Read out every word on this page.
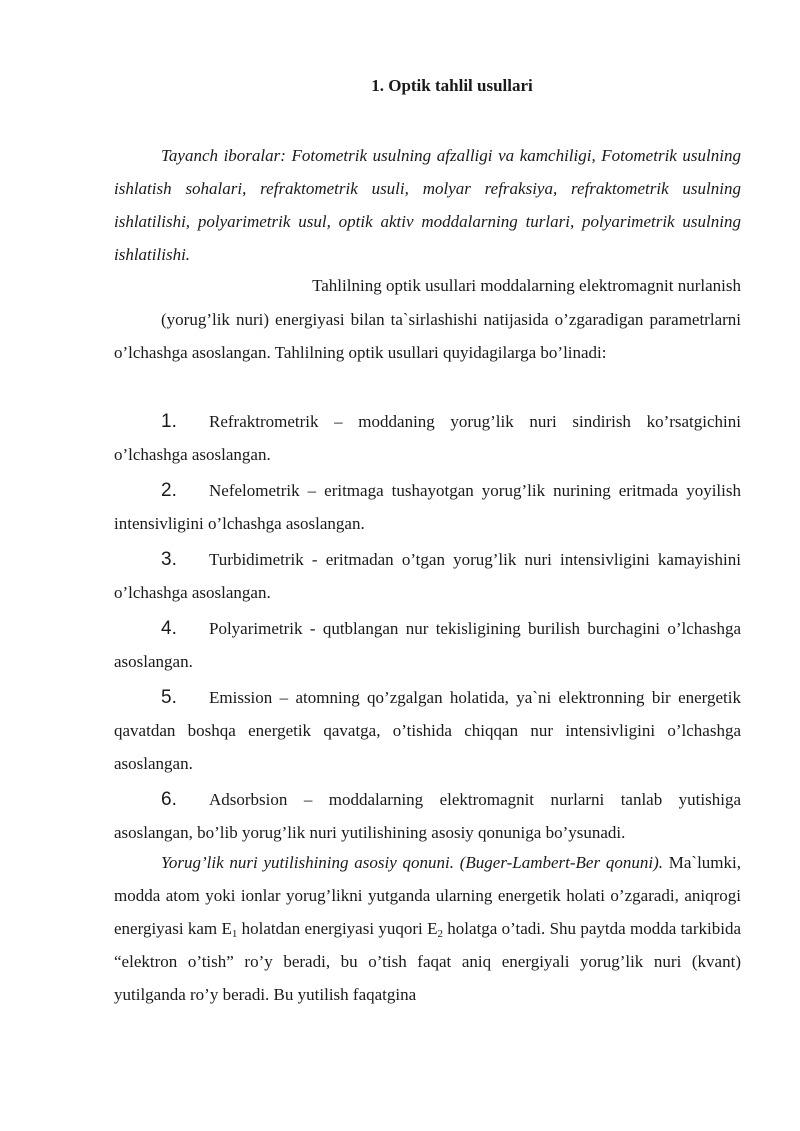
1. Optik tahlil usullari
Tayanch iboralar: Fotometrik usulning afzalligi va kamchiligi, Fotometrik usulning ishlatish sohalari, refraktometrik usuli, molyar refraksiya, refraktometrik usulning ishlatilishi, polyarimetrik usul, optik aktiv moddalarning turlari, polyarimetrik usulning ishlatilishi.
Tahlilning optik usullari moddalarning elektromagnit nurlanish
(yorug’lik nuri) energiyasi bilan ta`sirlashishi natijasida o’zgaradigan parametrlarni o’lchashga asoslangan. Tahlilning optik usullari quyidagilarga bo’linadi:
1. Refraktrometrik – moddaning yorug’lik nuri sindirish ko’rsatgichini o’lchashga asoslangan.
2. Nefelometrik – eritmaga tushayotgan yorug’lik nurining eritmada yoyilish intensivligini o’lchashga asoslangan.
3. Turbidimetrik - eritmadan o’tgan yorug’lik nuri intensivligini kamayishini o’lchashga asoslangan.
4. Polyarimetrik - qutblangan nur tekisligining burilish burchagini o’lchashga asoslangan.
5. Emission – atomning qo’zgalgan holatida, ya`ni elektronning bir energetik qavatdan boshqa energetik qavatga, o’tishida chiqqan nur intensivligini o’lchashga asoslangan.
6. Adsorbsion – moddalarning elektromagnit nurlarni tanlab yutishiga asoslangan, bo’lib yorug’lik nuri yutilishining asosiy qonuniga bo’ysunadi.
Yorug’lik nuri yutilishining asosiy qonuni. (Buger-Lambert-Ber qonuni). Ma`lumki, modda atom yoki ionlar yorug’likni yutganda ularning energetik holati o’zgaradi, aniqrogi energiyasi kam $E_1$ holatdan energiyasi yuqori $E_2$ holatga o’tadi. Shu paytda modda tarkibida “elektron o’tish” ro’y beradi, bu o’tish faqat aniq energiyali yorug’lik nuri (kvant) yutilganda ro’y beradi. Bu yutilish faqatgina
